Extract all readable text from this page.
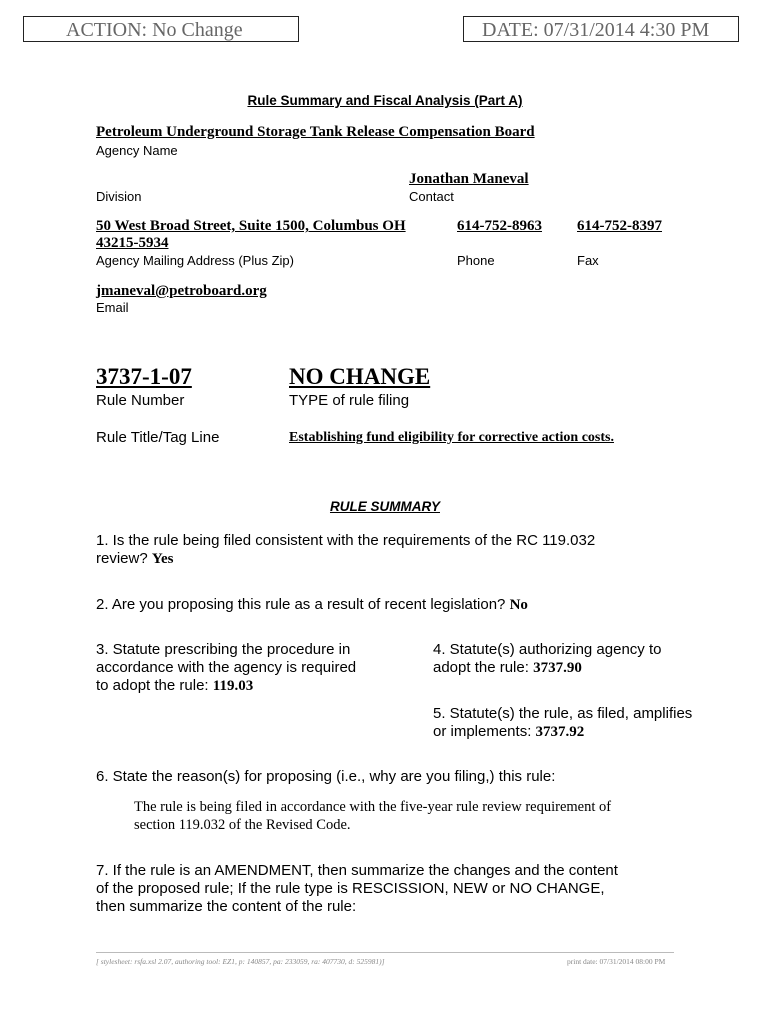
ACTION: No Change	DATE: 07/31/2014 4:30 PM
Rule Summary and Fiscal Analysis (Part A)
Petroleum Underground Storage Tank Release Compensation Board
Agency Name
Jonathan Maneval
Division	Contact
50 West Broad Street, Suite 1500, Columbus OH
43215-5934
614-752-8963 614-752-8397
Agency Mailing Address (Plus Zip)	Phone	Fax
jmaneval@petroboard.org
Email
3737-1-07	NO CHANGE
Rule Number	TYPE of rule filing
Rule Title/Tag Line	Establishing fund eligibility for corrective action costs.
RULE SUMMARY
1. Is the rule being filed consistent with the requirements of the RC 119.032
review? Yes
2. Are you proposing this rule as a result of recent legislation? No
3. Statute prescribing the procedure in
accordance with the agency is required
to adopt the rule: 119.03
4. Statute(s) authorizing agency to
adopt the rule: 3737.90
5. Statute(s) the rule, as filed, amplifies
or implements: 3737.92
6. State the reason(s) for proposing (i.e., why are you filing,) this rule:
The rule is being filed in accordance with the five-year rule review requirement of
section 119.032 of the Revised Code.
7. If the rule is an AMENDMENT, then summarize the changes and the content
of the proposed rule; If the rule type is RESCISSION, NEW or NO CHANGE,
then summarize the content of the rule:
[ stylesheet: rsfa.xsl 2.07, authoring tool: EZ1, p: 140857, pa: 233059, ra: 407730, d: 525981)]	print date: 07/31/2014 08:00 PM
